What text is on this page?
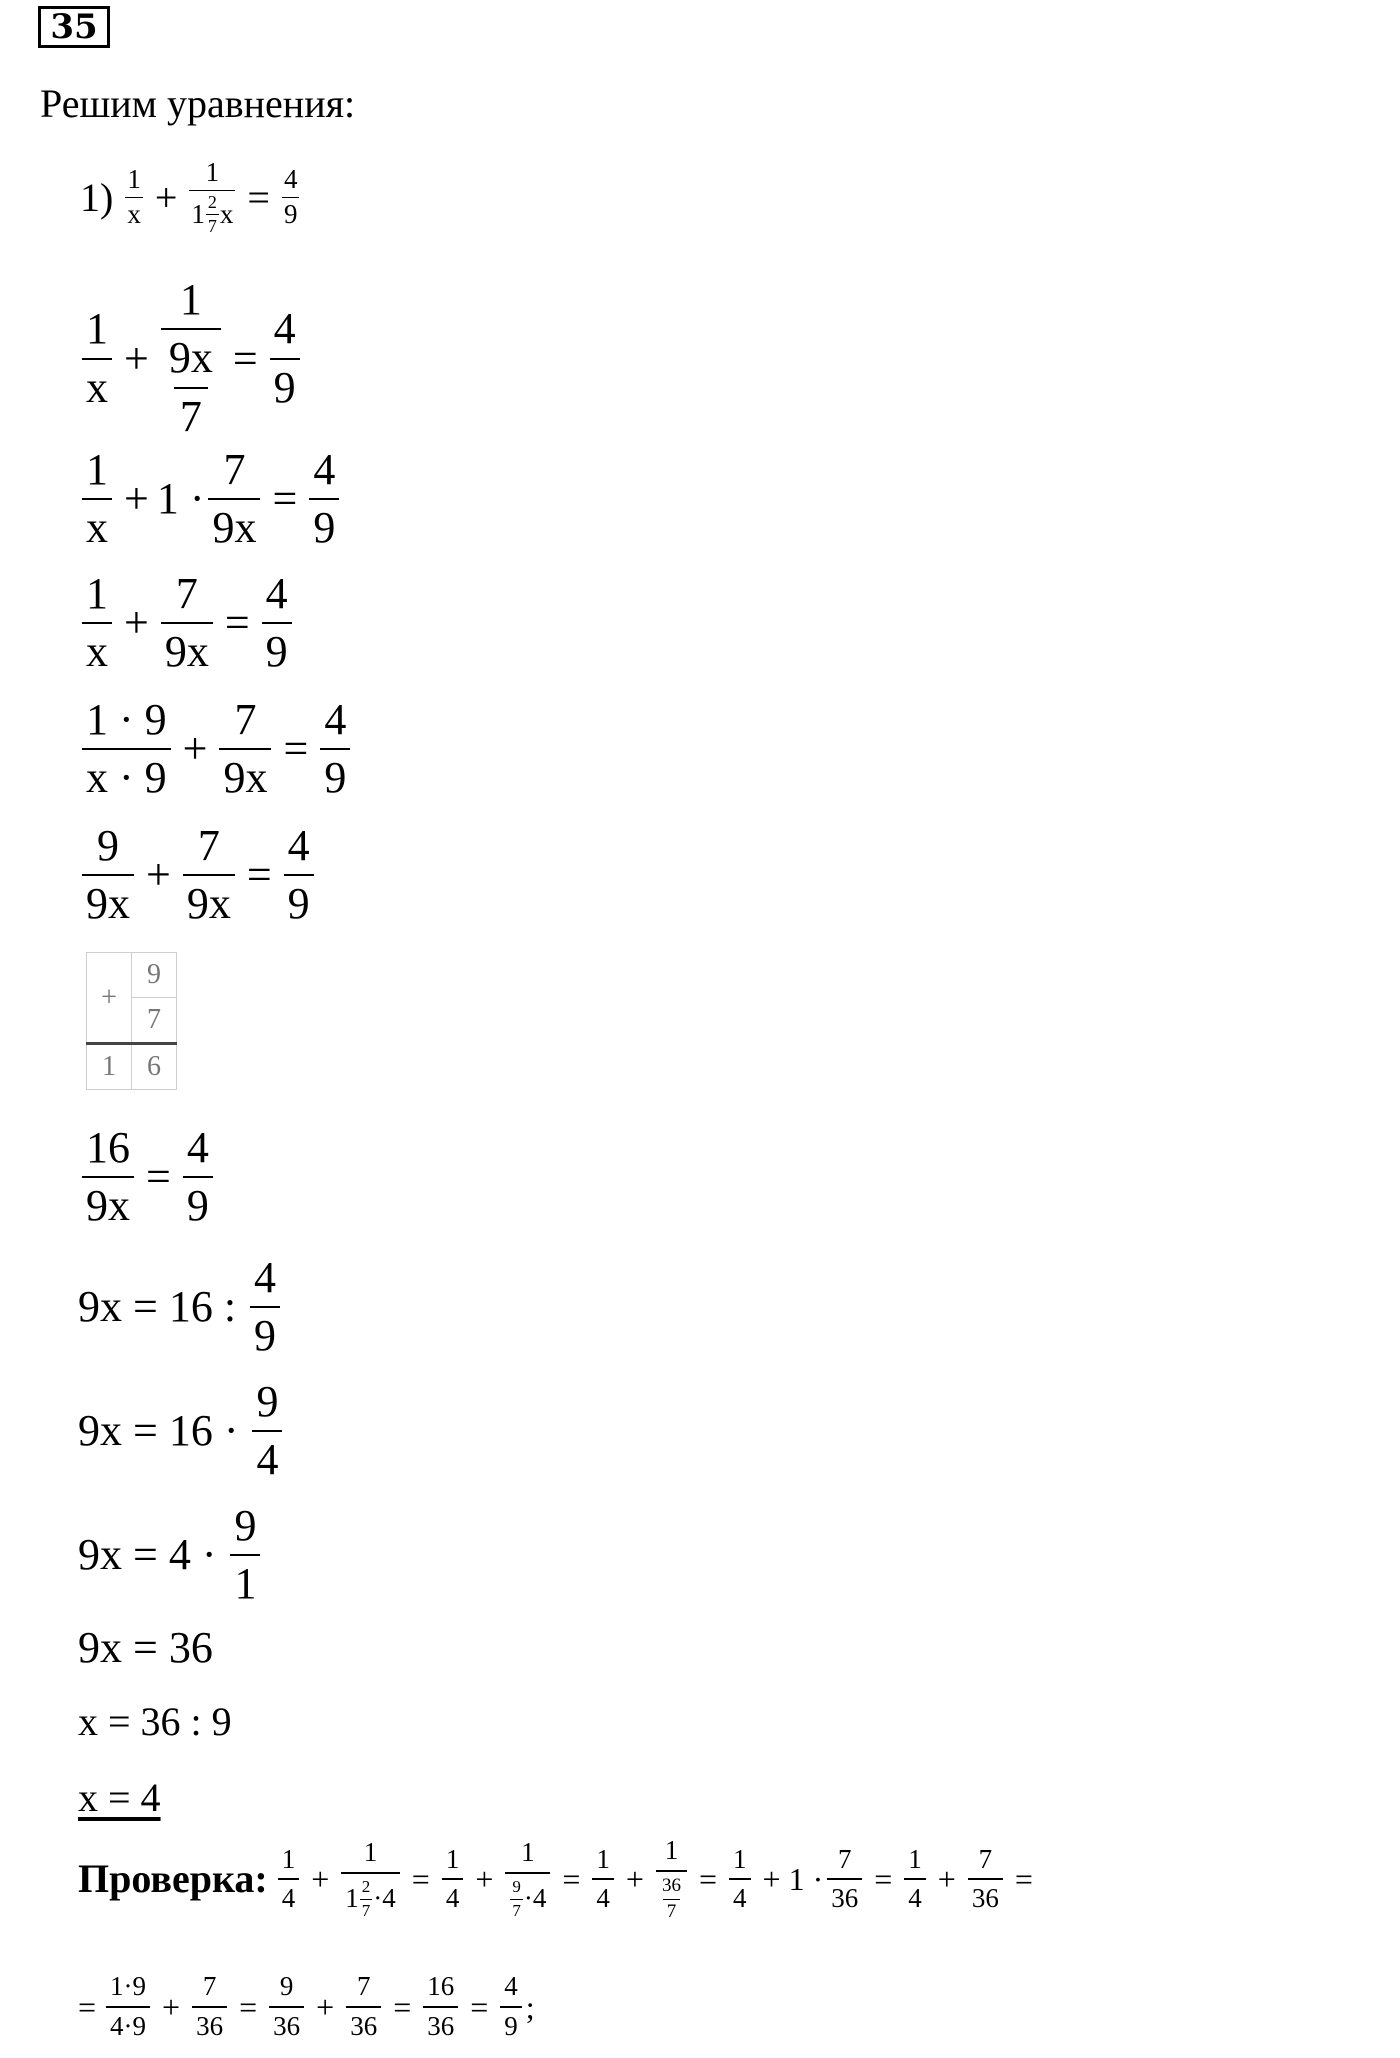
35
Решим уравнения:
$1) \frac{1}{x} + \frac{1}{1 \frac{2}{7} x} = \frac{4}{9}$
$\frac{1}{x} + 1$
9x
$7 = \frac{4}{9}$
$\frac{1}{x} + 1 \cdot \frac{7}{9x} = \frac{4}{9}$
$\frac{1}{x} + \frac{7}{9x} = \frac{4}{9}$
$\frac{1 \cdot 9}{x \cdot 9} + \frac{7}{9x} = \frac{4}{9}$
$\frac{9}{9x} + \frac{7}{9x} = \frac{4}{9}$
+	9
	7
1	6
$\frac{16}{9x} = \frac{4}{9}$
9x = 16 : $\frac{4}{9}$
$9x = 16 \cdot \frac{9}{4}$
$9x = 4 \cdot \frac{9}{1}$
9x = 36
x = 36 : 9
x = 4
Проверка: $\frac{1}{4} + \frac{1}{1 \frac{2}{7} \cdot 4} = \frac{1}{4} + \frac{1}{\frac{9}{7} \cdot 4} = \frac{1}{4} + 1$
36
$7 = \frac{1}{4} + 1 \cdot \frac{7}{36} = \frac{1}{4} + \frac{7}{36}$ =
= $\frac{1\cdot 9}{4\cdot 9} + \frac{7}{36} = \frac{9}{36} + \frac{7}{36} = \frac{16}{36} = \frac{4}{9}$ ;
